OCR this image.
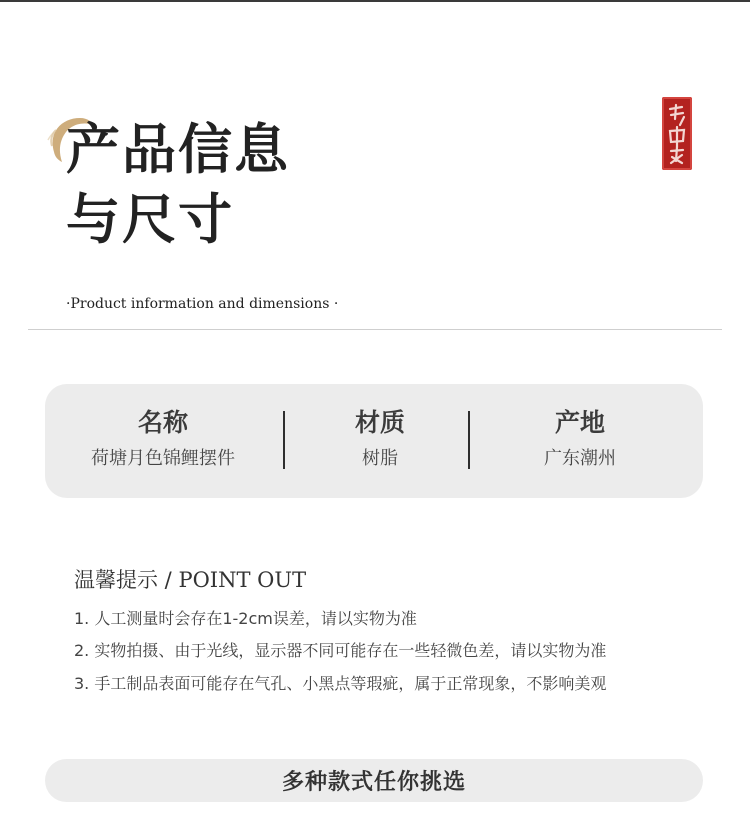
产品信息
与尺寸
·Product information and dimensions ·
名称
荷塘月色锦鲤摆件
材质
树脂
产地
广东潮州
温馨提示 / POINT OUT
1. 人工测量时会存在1-2cm误差，请以实物为准
2. 实物拍摄、由于光线，显示器不同可能存在一些轻微色差，请以实物为准
3. 手工制品表面可能存在气孔、小黑点等瑕疵，属于正常现象，不影响美观
多种款式任你挑选
